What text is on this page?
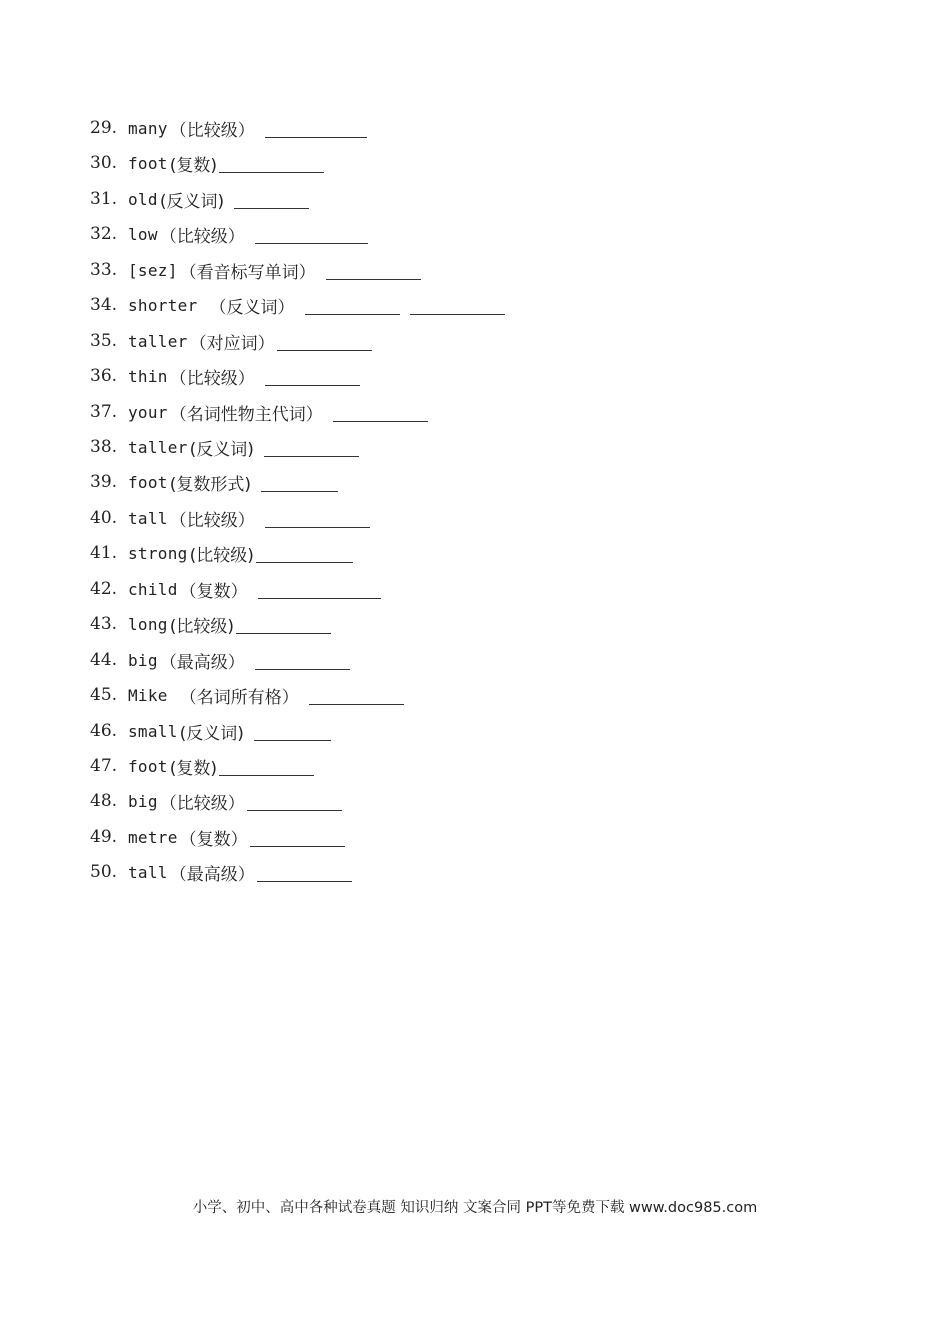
29. many （比较级）
30. foot (复数)
31. old (反义词)
32. low （比较级）
33. [sez] （看音标写单词）
34. shorter （反义词）
35. taller （对应词）
36. thin （比较级）
37. your （名词性物主代词）
38. taller (反义词)
39. foot (复数形式)
40. tall （比较级）
41. strong (比较级)
42. child （复数）
43. long (比较级)
44. big （最高级）
45. Mike （名词所有格）
46. small (反义词)
47. foot (复数)
48. big （比较级）
49. metre （复数）
50. tall （最高级）
小学、初中、高中各种试卷真题 知识归纳 文案合同 PPT等免费下载 www.doc985.com
